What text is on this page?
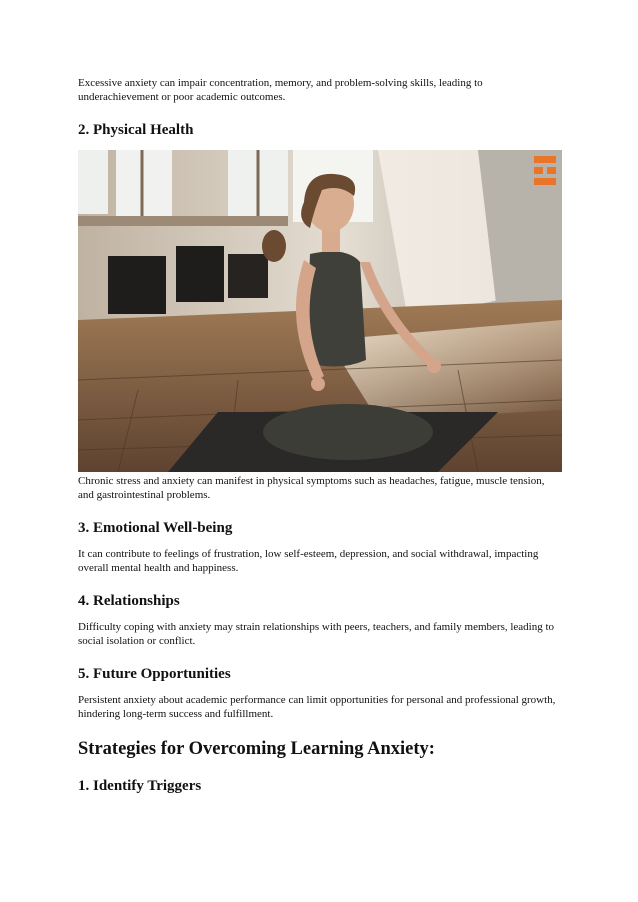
Excessive anxiety can impair concentration, memory, and problem-solving skills, leading to underachievement or poor academic outcomes.

2. Physical Health

Chronic stress and anxiety can manifest in physical symptoms such as headaches, fatigue, muscle tension, and gastrointestinal problems.

3. Emotional Well-being

It can contribute to feelings of frustration, low self-esteem, depression, and social withdrawal, impacting overall mental health and happiness.

4. Relationships

Difficulty coping with anxiety may strain relationships with peers, teachers, and family members, leading to social isolation or conflict.

5. Future Opportunities

Persistent anxiety about academic performance can limit opportunities for personal and professional growth, hindering long-term success and fulfillment.

Strategies for Overcoming Learning Anxiety:
1. Identify Triggers
